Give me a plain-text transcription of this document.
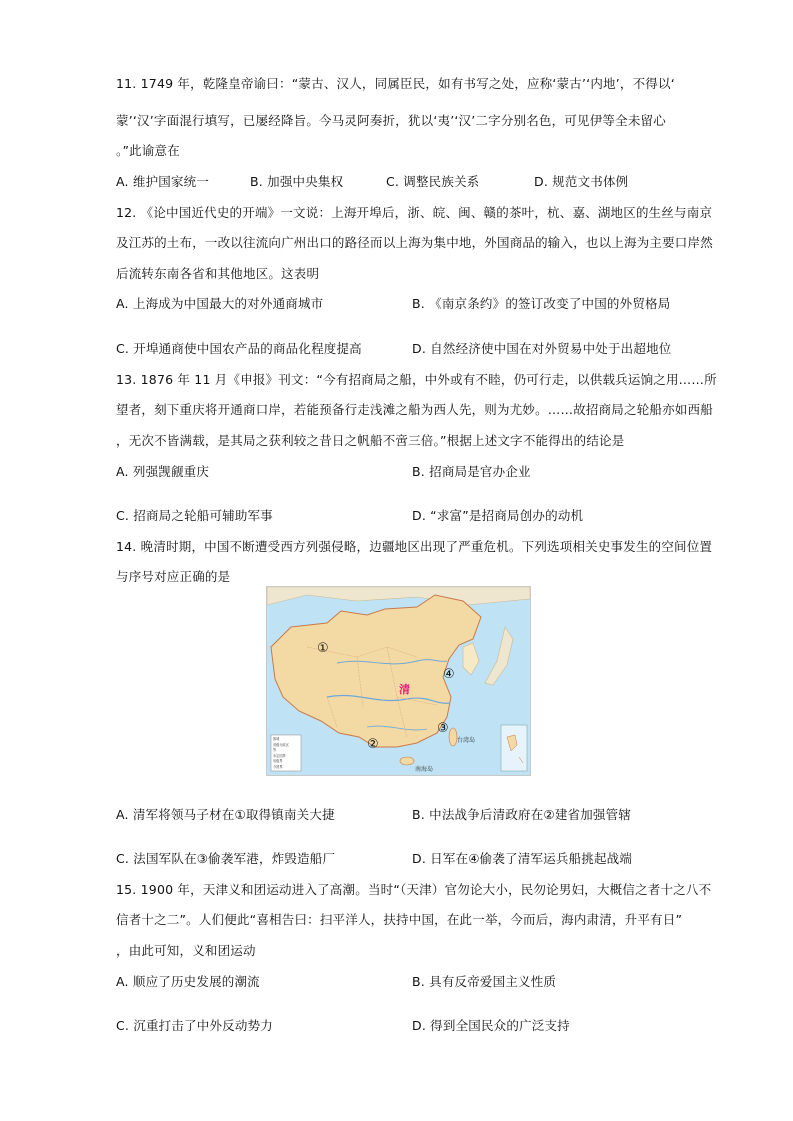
11. 1749 年，乾隆皇帝谕曰：“蒙古、汉人，同属臣民，如有书写之处，应称‘蒙古’‘内地’，不得以‘
蒙’‘汉’字面混行填写，已屡经降旨。今马灵阿奏折，犹以‘夷’‘汉’二字分别名色，可见伊等全未留心
。”此谕意在
A. 维护国家统一	B. 加强中央集权	C. 调整民族关系	D. 规范文书体例
12. 《论中国近代史的开端》一文说：上海开埠后，浙、皖、闽、赣的茶叶，杭、嘉、湖地区的生丝与南京
及江苏的土布，一改以往流向广州出口的路径而以上海为集中地，外国商品的输入，也以上海为主要口岸然
后流转东南各省和其他地区。这表明
A. 上海成为中国最大的对外通商城市	B. 《南京条约》的签订改变了中国的外贸格局
C. 开埠通商使中国农产品的商品化程度提高	D. 自然经济使中国在对外贸易中处于出超地位
13. 1876 年 11 月《申报》刊文：“今有招商局之船，中外或有不睦，仍可行走，以供载兵运饷之用……所
望者，刻下重庆将开通商口岸，若能预备行走浅滩之船为西人先，则为尤妙。……故招商局之轮船亦如西船
，无次不皆满载，是其局之获利较之昔日之帆船不啻三倍。”根据上述文字不能得出的结论是
A. 列强觊觎重庆	B. 招商局是官办企业
C. 招商局之轮船可辅助军事	D. “求富”是招商局创办的动机
14. 晚清时期，中国不断遭受西方列强侵略，边疆地区出现了严重危机。下列选项相关史事发生的空间位置
与序号对应正确的是
都城
省级行政区
界
未定国界
省级界
今国界
清
台湾岛
南海岛
①
②
③
④
A. 清军将领马子材在①取得镇南关大捷	B. 中法战争后清政府在②建省加强管辖
C. 法国军队在③偷袭军港，炸毁造船厂	D. 日军在④偷袭了清军运兵船挑起战端
15. 1900 年，天津义和团运动进入了高潮。当时“（天津）官勿论大小，民勿论男妇，大概信之者十之八不
信者十之二”。人们便此“喜相告曰：扫平洋人，扶持中国，在此一举，今而后，海内肃清，升平有日”
，由此可知，义和团运动
A. 顺应了历史发展的潮流	B. 具有反帝爱国主义性质
C. 沉重打击了中外反动势力	D. 得到全国民众的广泛支持
